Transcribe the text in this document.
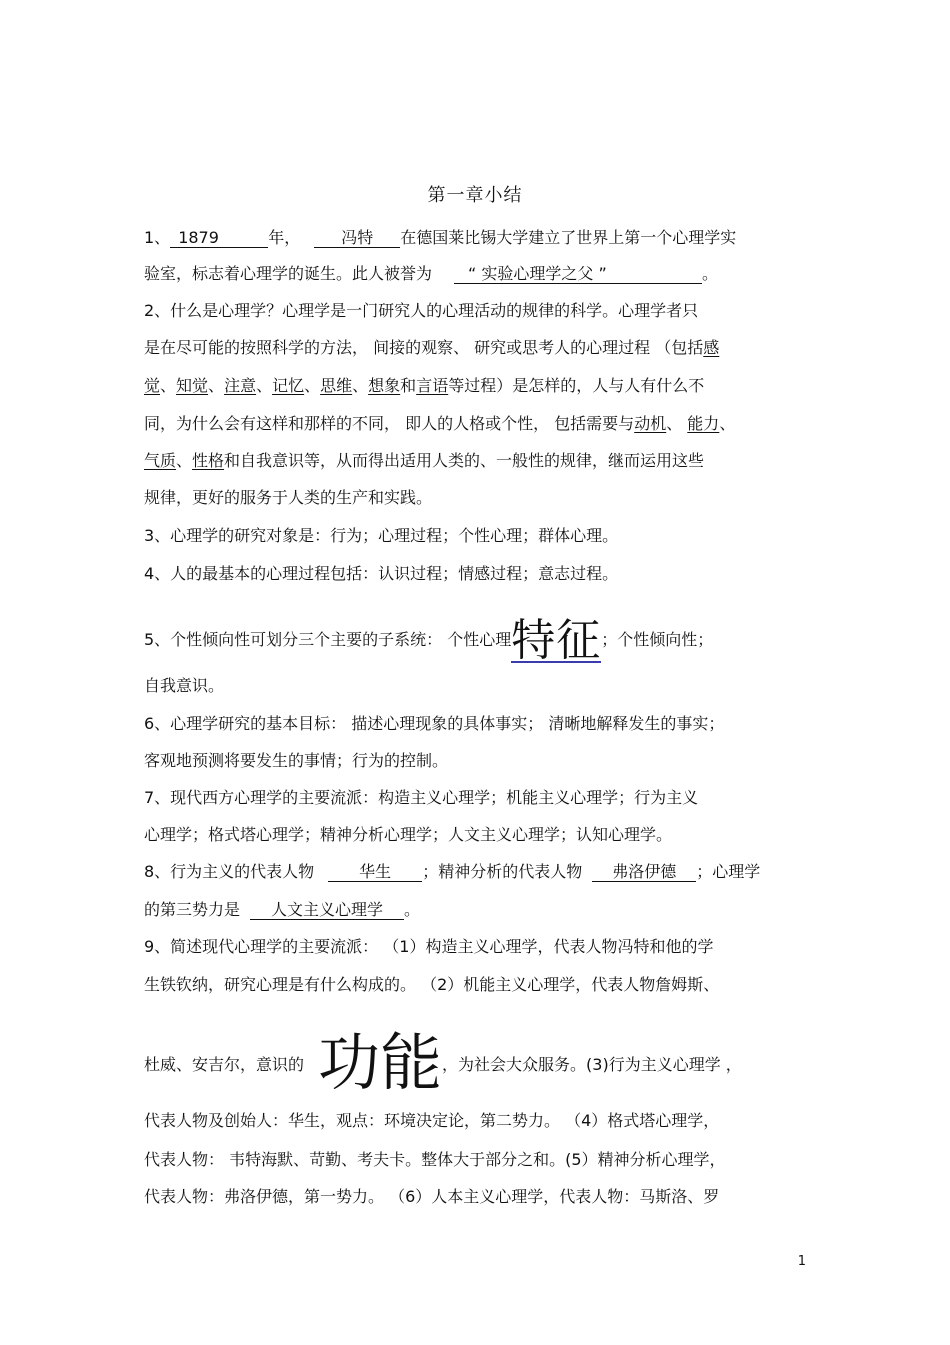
第一章小结
1、 1879	年，	冯特 在德国莱比锡大学建立了世界上第一个心理学实
验室，标志着心理学的诞生。此人被誉为 “ 实验心理学之父 ”	。
2、什么是心理学？心理学是一门研究人的心理活动的规律的科学。心理学者只
是在尽可能的按照科学的方法， 间接的观察、 研究或思考人的心理过程 （包括感
觉、知觉、注意、记忆、思维、想象和言语等过程）是怎样的，人与人有什么不
同，为什么会有这样和那样的不同， 即人的人格或个性， 包括需要与动机、 能力、
气质、性格和自我意识等，从而得出适用人类的、一般性的规律，继而运用这些
规律，更好的服务于人类的生产和实践。
3、心理学的研究对象是：行为；心理过程；个性心理；群体心理。
4、人的最基本的心理过程包括：认识过程；情感过程；意志过程。
5、个性倾向性可划分三个主要的子系统： 个性心理特征；个性倾向性；
自我意识。
6、心理学研究的基本目标： 描述心理现象的具体事实； 清晰地解释发生的事实；
客观地预测将要发生的事情；行为的控制。
7、现代西方心理学的主要流派：构造主义心理学；机能主义心理学；行为主义
心理学；格式塔心理学；精神分析心理学；人文主义心理学；认知心理学。
8、行为主义的代表人物	华生 ；精神分析的代表人物 弗洛伊德 ；心理学
的第三势力是 人文主义心理学 。
9、简述现代心理学的主要流派： （1）构造主义心理学，代表人物冯特和他的学
生铁钦纳，研究心理是有什么构成的。 （2）机能主义心理学，代表人物詹姆斯、
杜威、安吉尔，意识的 功能，为社会大众服务。(3)行为主义心理学 ，
代表人物及创始人：华生，观点：环境决定论，第二势力。 （4）格式塔心理学，
代表人物： 韦特海默、苛勤、考夫卡。整体大于部分之和。(5）精神分析心理学，
代表人物：弗洛伊德，第一势力。 （6）人本主义心理学，代表人物：马斯洛、罗
1
